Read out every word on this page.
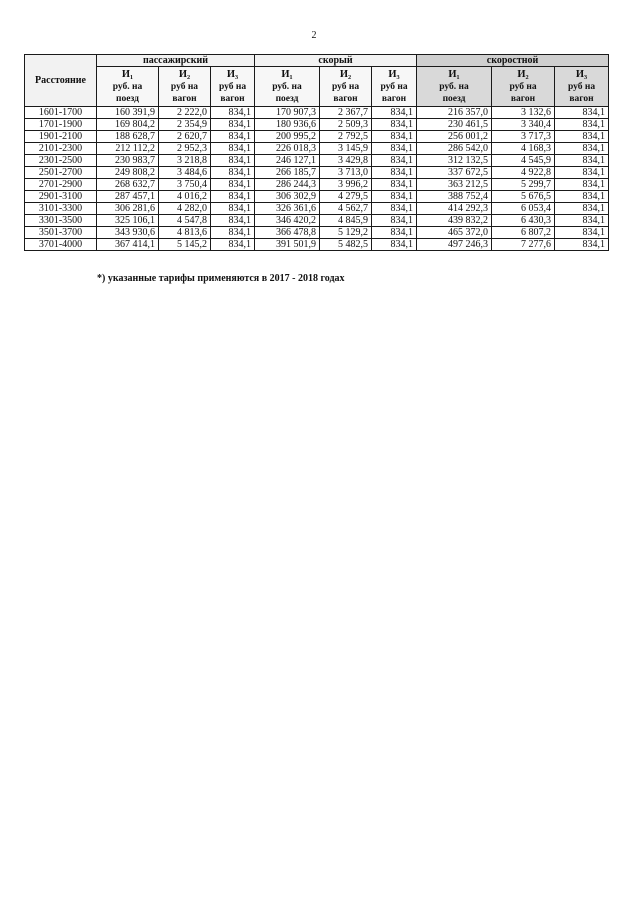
2
Расстояние	пассажирский			скорый			скоростной		

	И₁
руб. на
поезд	И₂
руб на
вагон	И₃
руб на
вагон	И₁
руб. на
поезд	И₂
руб на
вагон	И₃
руб на
вагон	И₁
руб. на
поезд	И₂
руб на
вагон	И₃
руб на
вагон

1601-1700	160 391,9	2 222,0	834,1	170 907,3	2 367,7	834,1	216 357,0	3 132,6	834,1
1701-1900	169 804,2	2 354,9	834,1	180 936,6	2 509,3	834,1	230 461,5	3 340,4	834,1
1901-2100	188 628,7	2 620,7	834,1	200 995,2	2 792,5	834,1	256 001,2	3 717,3	834,1
2101-2300	212 112,2	2 952,3	834,1	226 018,3	3 145,9	834,1	286 542,0	4 168,3	834,1
2301-2500	230 983,7	3 218,8	834,1	246 127,1	3 429,8	834,1	312 132,5	4 545,9	834,1
2501-2700	249 808,2	3 484,6	834,1	266 185,7	3 713,0	834,1	337 672,5	4 922,8	834,1
2701-2900	268 632,7	3 750,4	834,1	286 244,3	3 996,2	834,1	363 212,5	5 299,7	834,1
2901-3100	287 457,1	4 016,2	834,1	306 302,9	4 279,5	834,1	388 752,4	5 676,5	834,1
3101-3300	306 281,6	4 282,0	834,1	326 361,6	4 562,7	834,1	414 292,3	6 053,4	834,1
3301-3500	325 106,1	4 547,8	834,1	346 420,2	4 845,9	834,1	439 832,2	6 430,3	834,1
3501-3700	343 930,6	4 813,6	834,1	366 478,8	5 129,2	834,1	465 372,0	6 807,2	834,1
3701-4000	367 414,1	5 145,2	834,1	391 501,9	5 482,5	834,1	497 246,3	7 277,6	834,1
*) указанные тарифы применяются в 2017 - 2018 годах
